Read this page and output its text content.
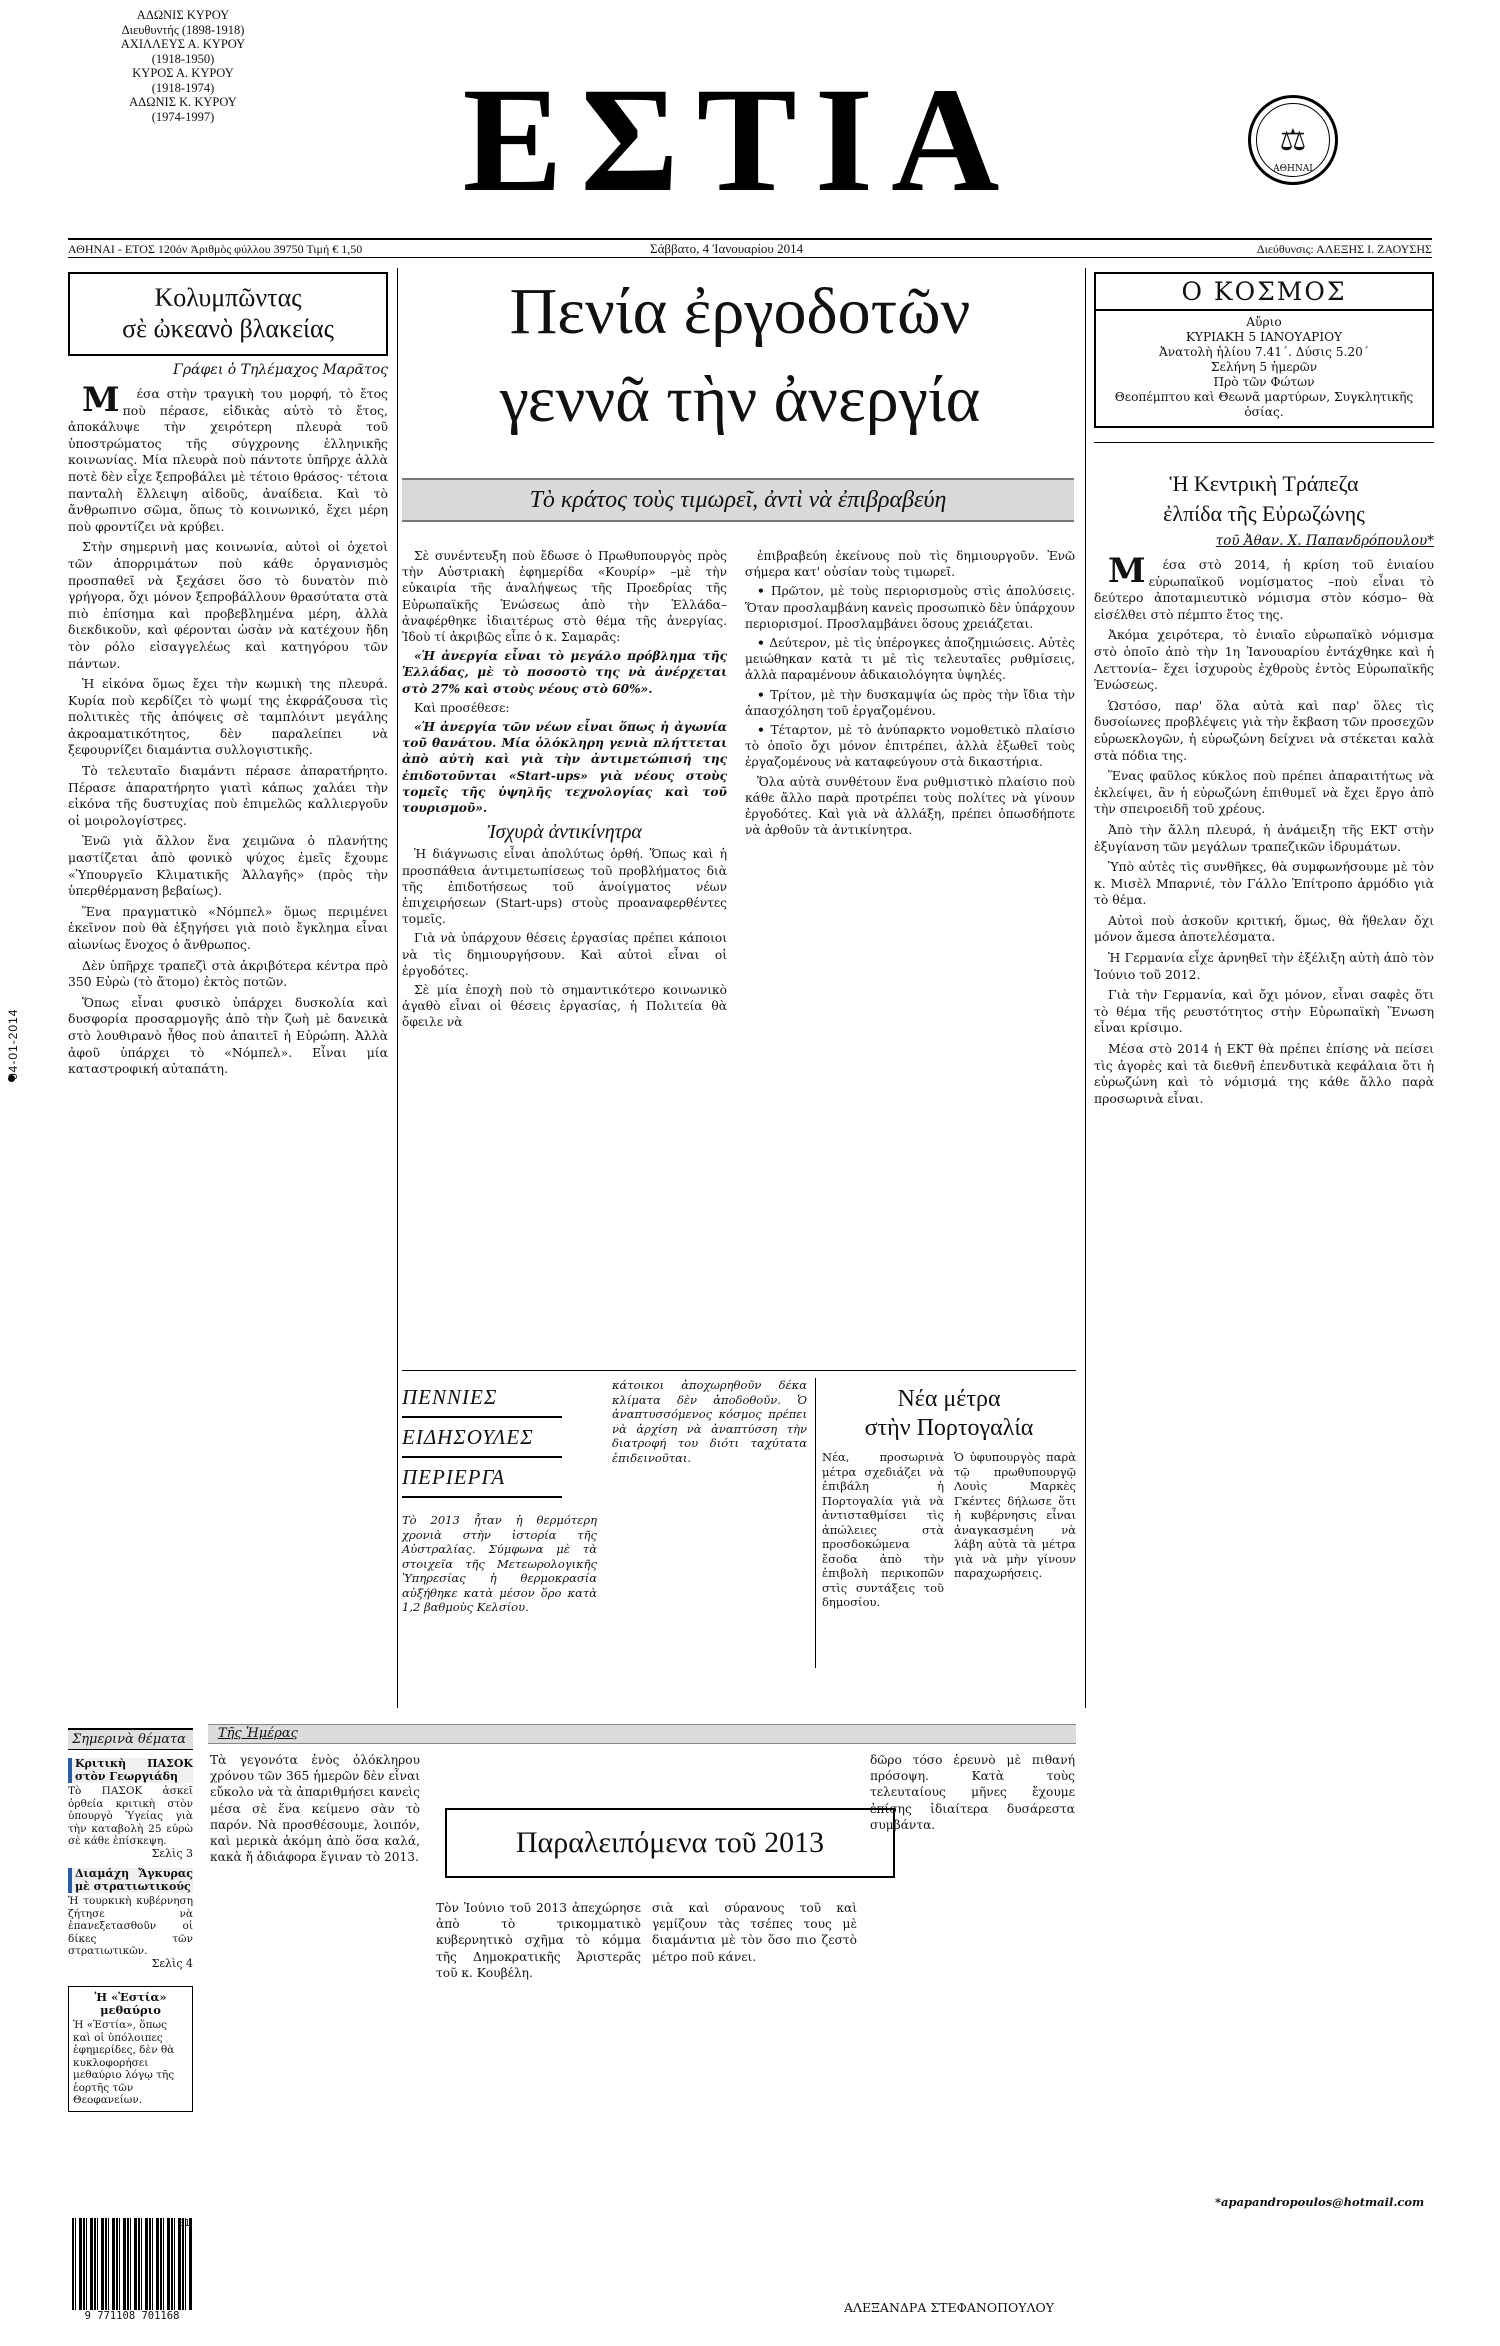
ΑΔΩΝΙΣ ΚΥΡΟΥ
Διευθυντής (1898-1918)
ΑΧΙΛΛΕΥΣ Α. ΚΥΡΟΥ
(1918-1950)
ΚΥΡΟΣ Α. ΚΥΡΟΥ
(1918-1974)
ΑΔΩΝΙΣ Κ. ΚΥΡΟΥ
(1974-1997)	ΕΣΤΙΑ	⚖
ΑΘΗΝΑΙ
ΑΘΗΝΑΙ - ΕΤΟΣ 120όν Ἀριθμὸς φύλλου 39750 Τιμή € 1,50	Σάββατο, 4 Ἰανουαρίου 2014	Διεύθυνσις: ΑΛΕΞΗΣ Ι. ΖΑΟΥΣΗΣ
Κολυμπῶντας
σὲ ὠκεανὸ βλακείας
Γράφει ὁ Τηλέμαχος Μαρᾶτος

Μέσα στὴν τραγικὴ του μορφή, τὸ ἔτος ποὺ πέρασε, εἰδικὰς αὐτὸ τὸ ἔτος, ἀποκάλυψε τὴν χειρότερη πλευρὰ τοῦ ὑποστρώματος τῆς σύγχρονης ἑλληνικῆς κοινωνίας. Μία πλευρὰ ποὺ πάντοτε ὑπῆρχε ἀλλὰ ποτὲ δὲν εἶχε ξεπροβάλει μὲ τέτοιο θράσος· τέτοια πανταλὴ ἔλλειψη αἰδοῦς, ἀναίδεια. Καὶ τὸ ἄνθρωπινο σῶμα, ὅπως τὸ κοινωνικό, ἔχει μέρη ποὺ φροντίζει νὰ κρύβει.

Στὴν σημερινὴ μας κοινωνία, αὐτοὶ οἱ ὀχετοὶ τῶν ἀπορριμάτων ποὺ κάθε ὀργανισμὸς προσπαθεῖ νὰ ξεχάσει ὅσο τὸ δυνατὸν πιὸ γρήγορα, ὄχι μόνον ξεπροβάλλουν θρασύτατα στὰ πιὸ ἐπίσημα καὶ προβεβλημένα μέρη, ἀλλὰ διεκδικοῦν, καὶ φέρονται ὡσὰν νὰ κατέχουν ἤδη τὸν ρόλο εἰσαγγελέως καὶ κατηγόρου τῶν πάντων.

Ἡ εἰκόνα ὅμως ἔχει τὴν κωμικὴ της πλευρά. Κυρία ποὺ κερδίζει τὸ ψωμί της ἐκφράζουσα τὶς πολιτικὲς τῆς ἀπόψεις σὲ ταμπλόιντ μεγάλης ἀκροαματικότητος, δὲν παραλείπει νὰ ξεφουρνίζει διαμάντια συλλογιστικῆς.

Τὸ τελευταῖο διαμάντι πέρασε ἀπαρατήρητο. Πέρασε ἀπαρατήρητο γιατὶ κάπως χαλάει τὴν εἰκόνα τῆς δυστυχίας ποὺ ἐπιμελῶς καλλιεργοῦν οἱ μοιρολογίστρες.

Ἐνῶ γιὰ ἄλλον ἔνα χειμῶνα ὁ πλανήτης μαστίζεται ἀπὸ φονικὸ ψύχος ἐμεῖς ἔχουμε «Ὑπουργεῖο Κλιματικῆς Ἀλλαγῆς» (πρὸς τὴν ὑπερθέρμανση βεβαίως).

Ἕνα πραγματικὸ «Νόμπελ» ὅμως περιμένει ἐκεῖνον ποὺ θὰ ἐξηγήσει γιὰ ποιὸ ἔγκλημα εἶναι αἰωνίως ἔνοχος ὁ ἄνθρωπος.

Δὲν ὑπῆρχε τραπεζὶ στὰ ἀκριβότερα κέντρα πρὸ 350 Εὐρὼ (τὸ ἄτομο) ἐκτὸς ποτῶν.

Ὅπως εἶναι φυσικὸ ὑπάρχει δυσκολία καὶ δυσφορία προσαρμογῆς ἀπὸ τὴν ζωὴ μὲ δανεικὰ στὸ λουθιρανὸ ἦθος ποὺ ἀπαιτεῖ ἡ Εὐρώπη. Ἀλλὰ ἀφοῦ ὑπάρχει τὸ «Νόμπελ». Εἶναι μία καταστροφική αὐταπάτη.

04-01-2014
Πενία ἐργοδοτῶν
γεννᾶ τὴν ἀνεργία
Τὸ κράτος τοὺς τιμωρεῖ, ἀντὶ νὰ ἐπιβραβεύη

Σὲ συνέντευξη ποὺ ἔδωσε ὁ Πρωθυπουργὸς πρὸς τὴν Αὐστριακὴ ἐφημερίδα «Κουρίρ» –μὲ τὴν εὐκαιρία τῆς ἀναλήψεως τῆς Προεδρίας τῆς Εὐρωπαϊκῆς Ἑνώσεως ἀπὸ τὴν Ἑλλάδα– ἀναφέρθηκε ἰδιαιτέρως στὸ θέμα τῆς ἀνεργίας. Ἰδοὺ τί ἀκριβῶς εἶπε ὁ κ. Σαμαρᾶς:

«Ἡ ἀνεργία εἶναι τὸ μεγάλο πρόβλημα τῆς Ἑλλάδας, μὲ τὸ ποσοστὸ της νὰ ἀνέρχεται στὸ 27% καὶ στοὺς νέους στὸ 60%».

Καὶ προσέθεσε:

«Ἡ ἀνεργία τῶν νέων εἶναι ὅπως ἡ ἀγωνία τοῦ θανάτου. Μία ὁλόκληρη γενιὰ πλήττεται ἀπὸ αὐτὴ καὶ γιὰ τὴν ἀντιμετώπισή της ἐπιδοτοῦνται «Start-ups» γιὰ νέους στοὺς τομεῖς τῆς ὑψηλῆς τεχνολογίας καὶ τοῦ τουρισμοῦ».

Ἰσχυρὰ ἀντικίνητρα

Ἡ διάγνωσις εἶναι ἀπολύτως ὀρθή. Ὅπως καὶ ἡ προσπάθεια ἀντιμετωπίσεως τοῦ προβλήματος διὰ τῆς ἐπιδοτήσεως τοῦ ἀνοίγματος νέων ἐπιχειρήσεων (Start-ups) στοὺς προαναφερθέντες τομεῖς.

Γιὰ νὰ ὑπάρχουν θέσεις ἐργασίας πρέπει κάποιοι νὰ τὶς δημιουργήσουν. Καὶ αὐτοὶ εἶναι οἱ ἐργοδότες.

Σὲ μία ἐποχὴ ποὺ τὸ σημαντικότερο κοινωνικὸ ἀγαθὸ εἶναι οἱ θέσεις ἐργασίας, ἡ Πολιτεία θὰ ὄφειλε νὰ

ἐπιβραβεύη ἐκείνους ποὺ τὶς δημιουργοῦν. Ἐνῶ σήμερα κατ' οὐσίαν τοὺς τιμωρεῖ.

• Πρῶτον, μὲ τοὺς περιορισμοὺς στὶς ἀπολύσεις. Ὅταν προσλαμβάνη κανεὶς προσωπικὸ δὲν ὑπάρχουν περιορισμοί. Προσλαμβάνει ὅσους χρειάζεται.

• Δεύτερον, μὲ τὶς ὑπέρογκες ἀποζημιώσεις. Αὐτὲς μειώθηκαν κατὰ τι μὲ τὶς τελευταῖες ρυθμίσεις, ἀλλὰ παραμένουν ἀδικαιολόγητα ὑψηλές.

• Τρίτον, μὲ τὴν δυσκαμψία ὡς πρὸς τὴν ἴδια τὴν ἀπασχόληση τοῦ ἐργαζομένου.

• Τέταρτον, μὲ τὸ ἀνύπαρκτο νομοθετικὸ πλαίσιο τὸ ὁποῖο ὄχι μόνον ἐπιτρέπει, ἀλλὰ ἐξωθεῖ τοὺς ἐργαζομένους νὰ καταφεύγουν στὰ δικαστήρια.

Ὅλα αὐτὰ συνθέτουν ἕνα ρυθμιστικὸ πλαίσιο ποὺ κάθε ἄλλο παρὰ προτρέπει τοὺς πολίτες νὰ γίνουν ἐργοδότες. Καὶ γιὰ νὰ ἀλλάξη, πρέπει ὁπωσδήποτε νὰ ἀρθοῦν τὰ ἀντικίνητρα.

Ο ΚΟΣΜΟΣ

Αὔριο

ΚΥΡΙΑΚΗ 5 ΙΑΝΟΥΑΡΙΟΥ

Ἀνατολὴ ἡλίου 7.41΄. Δύσις 5.20΄

Σελήνη 5 ἡμερῶν

Πρὸ τῶν Φώτων

Θεοπέμπτου καὶ Θεωνᾶ μαρτύρων, Συγκλητικῆς ὁσίας.

Ἡ Κεντρικὴ Τράπεζα
ἐλπίδα τῆς Εὐρωζώνης
τοῦ Ἀθαν. Χ. Παπανδρόπουλου*

Μέσα στὸ 2014, ἡ κρίση τοῦ ἑνιαίου εὐρωπαϊκοῦ νομίσματος –ποὺ εἶναι τὸ δεύτερο ἀποταμιευτικὸ νόμισμα στὸν κόσμο– θὰ εἰσέλθει στὸ πέμπτο ἔτος της.

Ἀκόμα χειρότερα, τὸ ἑνιαῖο εὐρωπαϊκὸ νόμισμα στὸ ὁποῖο ἀπὸ τὴν 1η Ἰανουαρίου ἐντάχθηκε καὶ ἡ Λεττονία– ἔχει ἰσχυροὺς ἐχθροὺς ἐντὸς Εὐρωπαϊκῆς Ἑνώσεως.

Ὡστόσο, παρ' ὅλα αὐτὰ καὶ παρ' ὅλες τὶς δυσοίωνες προβλέψεις γιὰ τὴν ἔκβαση τῶν προσεχῶν εὐρωεκλογῶν, ἡ εὐρωζώνη δείχνει νὰ στέκεται καλὰ στὰ πόδια της.

Ἕνας φαῦλος κύκλος ποὺ πρέπει ἀπαραιτήτως νὰ ἐκλείψει, ἂν ἡ εὐρωζώνη ἐπιθυμεῖ νὰ ἔχει ἔργο ἀπὸ τὴν σπειροειδῆ τοῦ χρέους.

Ἀπὸ τὴν ἄλλη πλευρά, ἡ ἀνάμειξη τῆς ΕΚΤ στὴν ἐξυγίανση τῶν μεγάλων τραπεζικῶν ἱδρυμάτων.

Ὑπὸ αὐτὲς τὶς συνθῆκες, θὰ συμφωνήσουμε μὲ τὸν κ. Μισὲλ Μπαρνιέ, τὸν Γάλλο Ἐπίτροπο ἁρμόδιο γιὰ τὸ θέμα.

Αὐτοὶ ποὺ ἀσκοῦν κριτική, ὅμως, θὰ ἤθελαν ὄχι μόνον ἄμεσα ἀποτελέσματα.

Ἡ Γερμανία εἶχε ἀρνηθεῖ τὴν ἐξέλιξη αὐτὴ ἀπὸ τὸν Ἰούνιο τοῦ 2012.

Γιὰ τὴν Γερμανία, καὶ ὄχι μόνον, εἶναι σαφὲς ὅτι τὸ θέμα τῆς ρευστότητος στὴν Εὐρωπαϊκὴ Ἕνωση εἶναι κρίσιμο.

Μέσα στὸ 2014 ἡ ΕΚΤ θὰ πρέπει ἐπίσης νὰ πείσει τὶς ἀγορὲς καὶ τὰ διεθνῆ ἐπενδυτικὰ κεφάλαια ὅτι ἡ εὐρωζώνη καὶ τὸ νόμισμά της κάθε ἄλλο παρὰ προσωρινὰ εἶναι.

*apapandropoulos@hotmail.com
ΠΕΝΝΙΕΣ
ΕΙΔΗΣΟΥΛΕΣ
ΠΕΡΙΕΡΓΑ
Τὸ 2013 ἦταν ἡ θερμότερη χρονιὰ στὴν ἱστορία τῆς Αὐστραλίας. Σύμφωνα μὲ τὰ στοιχεῖα τῆς Μετεωρολογικῆς Ὑπηρεσίας ἡ θερμοκρασία αὐξήθηκε κατὰ μέσον ὅρο κατὰ 1,2 βαθμοὺς Κελσίου.
κάτοικοι ἀποχωρηθοῦν δέκα κλίματα δὲν ἀποδοθοῦν. Ὁ ἀναπτυσσόμενος κόσμος πρέπει νὰ ἀρχίση νὰ ἀναπτύσση τὴν διατροφή του διότι ταχύτατα ἐπιδεινοῦται.
Νέα μέτρα
στὴν Πορτογαλία
Νέα, προσωρινὰ μέτρα σχεδιάζει νὰ ἐπιβάλη ἡ Πορτογαλία γιὰ νὰ ἀντισταθμίσει τὶς ἀπώλειες στὰ προσδοκώμενα ἔσοδα ἀπὸ τὴν ἐπιβολὴ περικοπῶν στὶς συντάξεις τοῦ δημοσίου.
Ὁ ὑφυπουργὸς παρὰ τῷ πρωθυπουργῷ Λουὶς Μαρκὲς Γκέντες δήλωσε ὅτι ἡ κυβέρνησις εἶναι ἀναγκασμένη νὰ λάβη αὐτὰ τὰ μέτρα γιὰ νὰ μὴν γίνουν παραχωρήσεις.
Τῆς Ἡμέρας
Τὰ γεγονότα ἑνὸς ὁλόκληρου χρόνου τῶν 365 ἡμερῶν δὲν εἶναι εὔκολο νὰ τὰ ἀπαριθμήσει κανεὶς μέσα σὲ ἕνα κείμενο σὰν τὸ παρόν. Νὰ προσθέσουμε, λοιπόν, καὶ μερικὰ ἀκόμη ἀπὸ ὅσα καλά, κακὰ ἤ ἀδιάφορα ἔγιναν τὸ 2013.	Παραλειπόμενα τοῦ 2013
Τὸν Ἰούνιο τοῦ 2013 ἀπεχώρησε ἀπὸ τὸ τρικομματικὸ κυβερνητικὸ σχῆμα τὸ κόμμα τῆς Δημοκρατικῆς Ἀριστερᾶς τοῦ κ. Κουβέλη.
σιὰ καὶ σύρανους τοῦ καὶ γεμίζουν τὰς τσέπες τους μὲ διαμάντια μὲ τὸν ὅσο πιο ζεστὸ μέτρο ποῦ κάνει.
δῶρο τόσο ἐρευνὸ μὲ πιθανή πρόσοψη. Κατὰ τοὺς τελευταίους μῆνες ἔχουμε ἐπίσης ἰδιαίτερα δυσάρεστα συμβάντα.
ΑΛΕΞΑΝΔΡΑ ΣΤΕΦΑΝΟΠΟΥΛΟΥ
Σημερινὰ θέματα
Κριτικὴ ΠΑΣΟΚ στὸν Γεωργιάδη
Τὸ ΠΑΣΟΚ ἀσκεῖ ὀρθεία κριτικὴ στὸν ὑπουργὸ Ὑγείας γιὰ τὴν καταβολὴ 25 εὐρὼ σὲ κάθε ἐπίσκεψη.
Σελὶς 3
Διαμάχη Ἄγκυρας μὲ στρατιωτικούς
Ἡ τουρκικὴ κυβέρνηση ζήτησε νὰ ἐπανεξετασθοῦν οἱ δίκες τῶν στρατιωτικῶν.
Σελὶς 4
Ἡ «Ἑστία» μεθαύριο
Ἡ «Ἑστία», ὅπως καὶ οἱ ὑπόλοιπες ἐφημερίδες, δὲν θὰ κυκλοφορήσει μεθαύριο λόγῳ τῆς ἑορτῆς τῶν Θεοφανείων.
9 771108 701168
01
